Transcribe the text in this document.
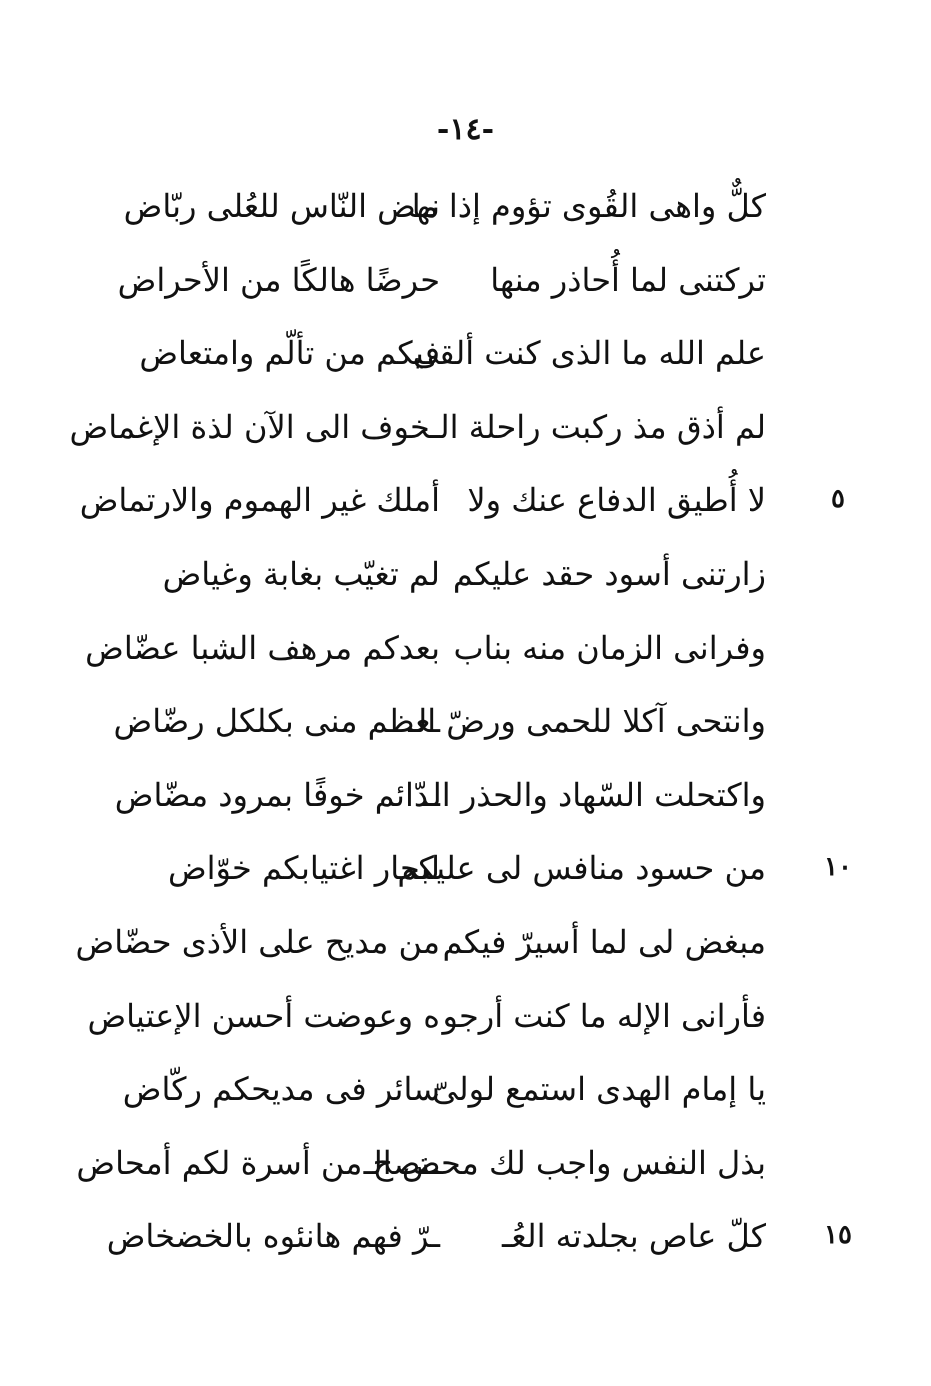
-١٤-
كلٌّ واهى القُوى تؤوم إذا ما
نهض النّاس للعُلى ربّاض
تركتنى لما أُحاذر منها
حرضًا هالكًا من الأحراض
علم الله ما الذى كنت ألقى
فيكم من تألّم وامتعاض
لم أذق مذ ركبت راحلة الـ
ـخوف الى الآن لذة الإغماض
لا أُطيق الدفاع عنك ولا
أملك غير الهموم والارتماض	٥
زارتنى أسود حقد عليكم
لم تغيّب بغابة وغياض
وفرانى الزمان منه بناب
بعدكم مرهف الشبا عضّاض
وانتحى آكلا للحمى ورضّ الـ
ـعظم منى بكلكل رضّاض
واكتحلت السّهاد والحذر الـ
ـدّائم خوفًا بمرود مضّاض
من حسود منافس لى عليكم
لبحار اغتيابكم خوّاض	١٠
مبغض لى لما أسيرّ فيكم
من مديح على الأذى حضّاض
فأرانى الإله ما كنت أرجو
ه وعوضت أحسن الإعتياض
يا إمام الهدى استمع لولىّ
سائر فى مديحكم ركّاض
بذل النفس واجب لك محض الـ
ـنصح من أسرة لكم أمحاض
كلّ عاص بجلدته العُـ
ـرّ فهم هانئوه بالخضخاض	١٥
